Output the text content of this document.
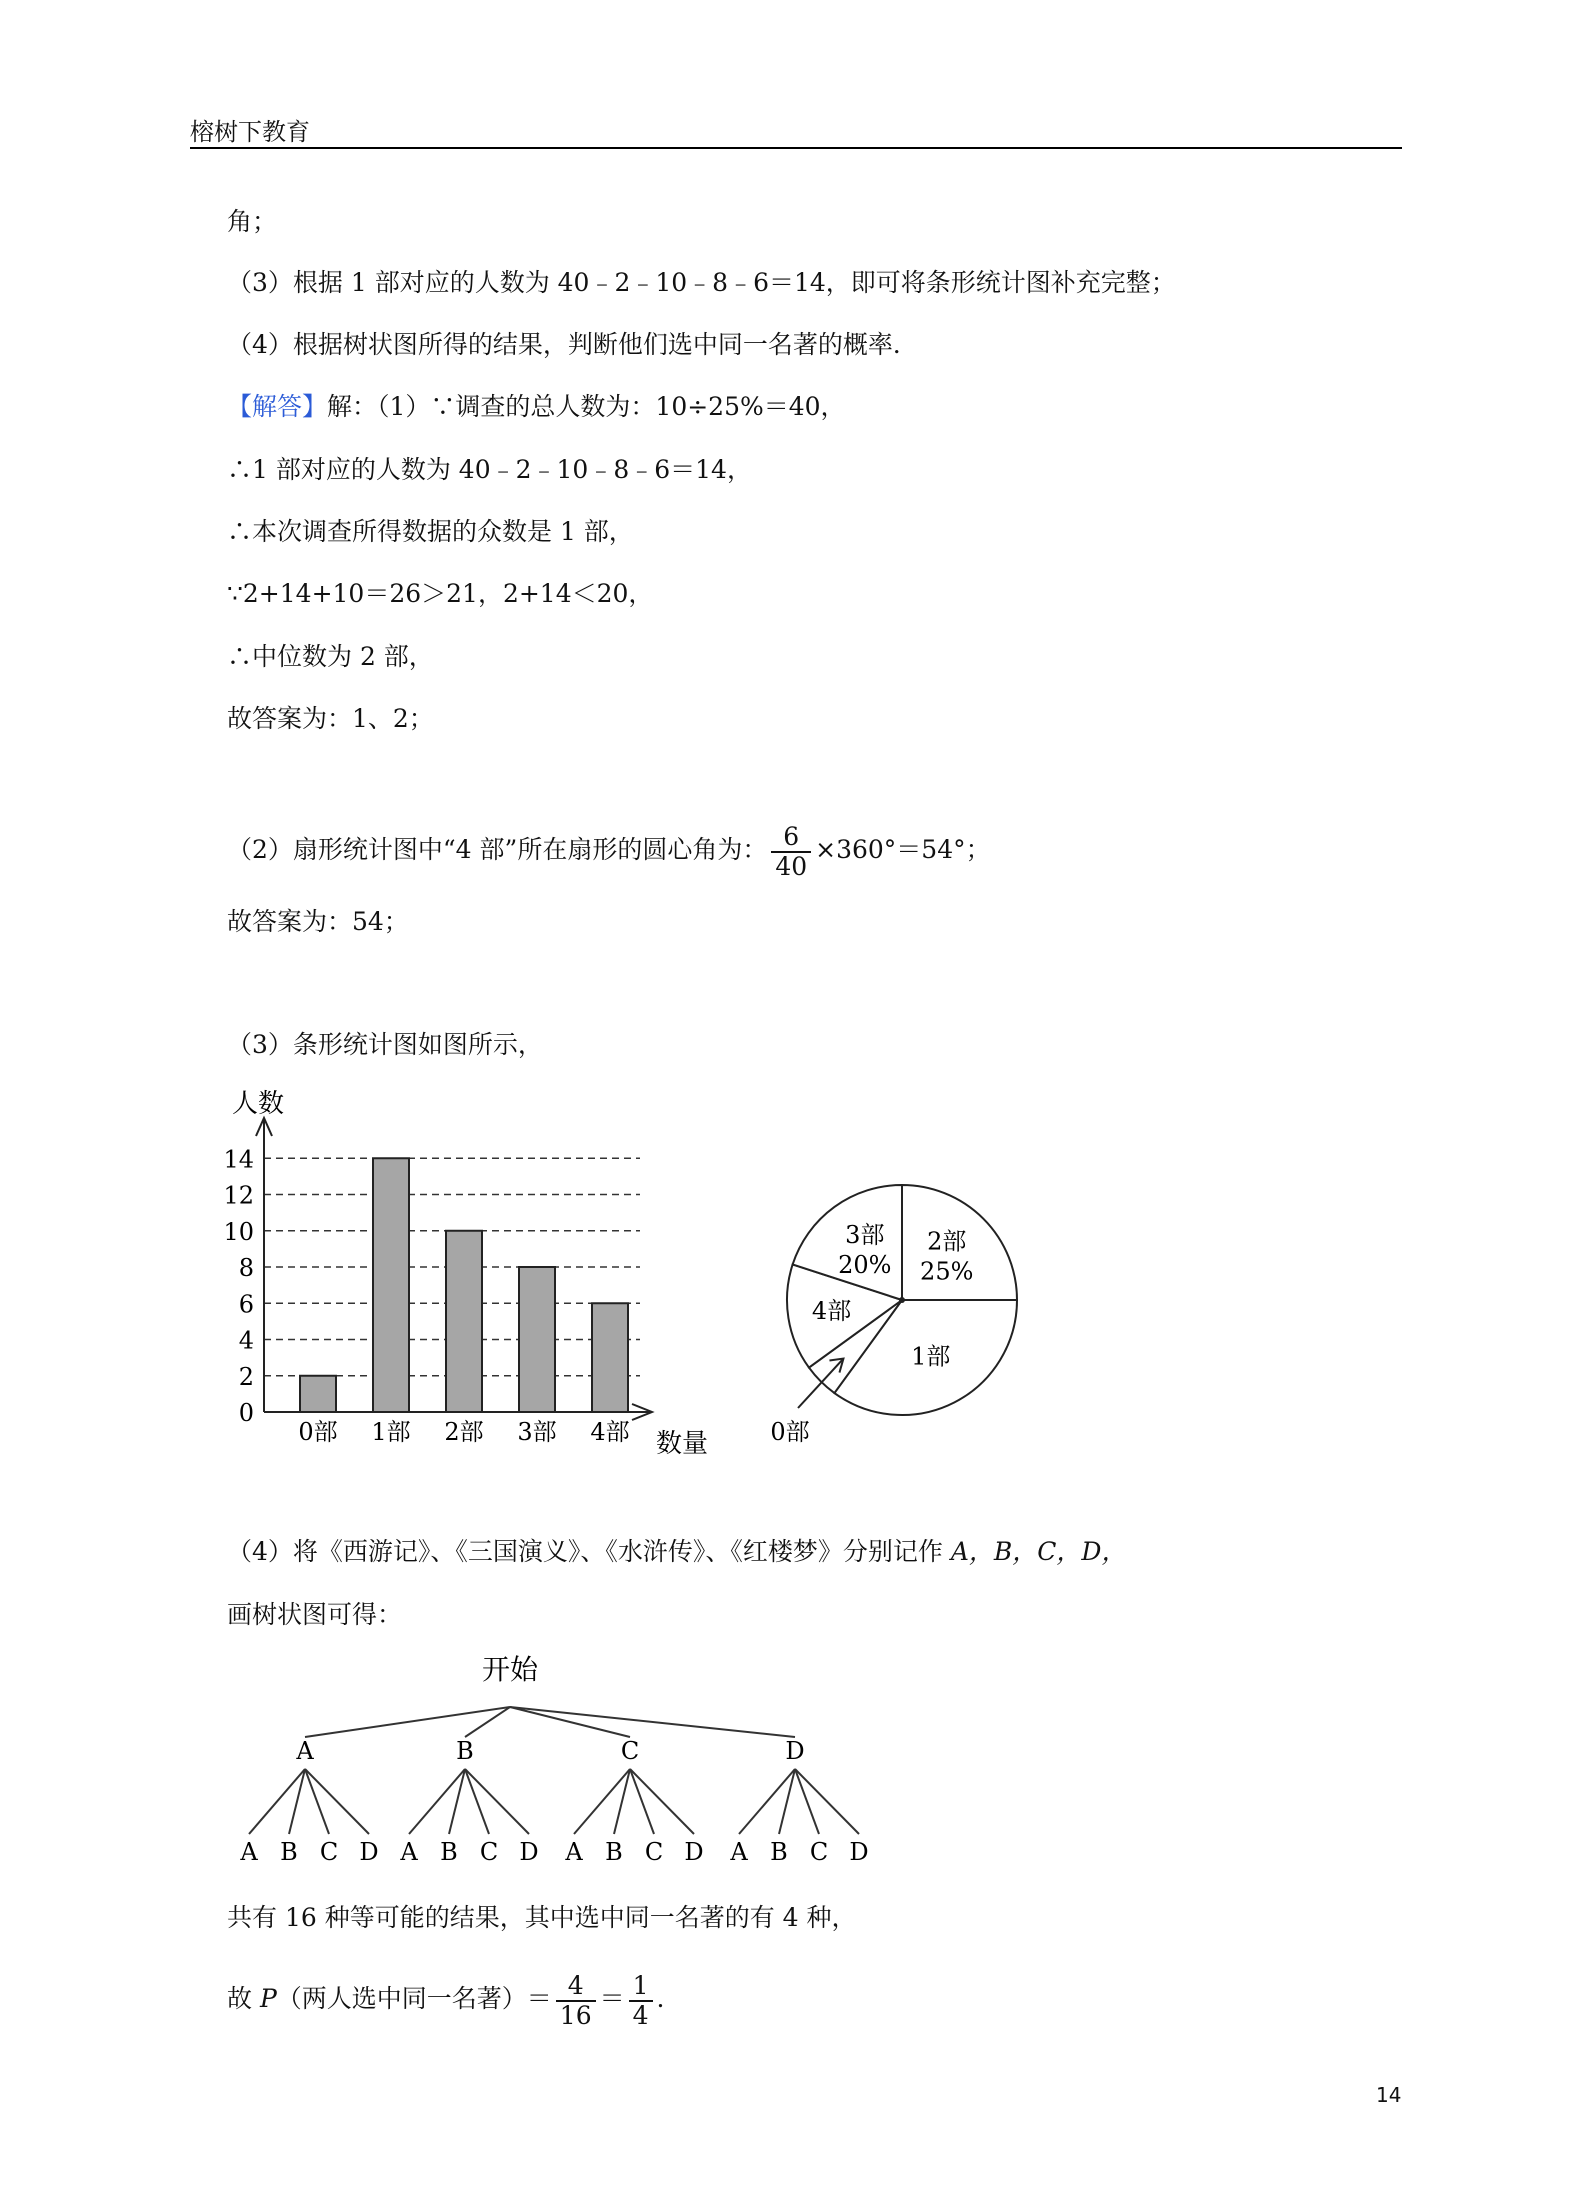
榕树下教育
角；
（3）根据 1 部对应的人数为 40﹣2﹣10﹣8﹣6＝14，即可将条形统计图补充完整；
（4）根据树状图所得的结果，判断他们选中同一名著的概率．
【解答】解：（1）∵调查的总人数为：10÷25%＝40，
∴1 部对应的人数为 40﹣2﹣10﹣8﹣6＝14，
∴本次调查所得数据的众数是 1 部，
∵2+14+10＝26＞21，2+14＜20，
∴中位数为 2 部，
故答案为：1、2；
（2）扇形统计图中“4 部”所在扇形的圆心角为： $\frac{6}{40} \times 360^\circ=54^\circ$；
故答案为：54；
（3）条形统计图如图所示，
0
2
4
6
8
10
12
14
0部 1部 2部 3部 4部
人数
数量
2部
25%
1部
0部
4部
3部
20%
（4）将《西游记》、《三国演义》、《水浒传》、《红楼梦》分别记作 A，B，C，D，
画树状图可得：
开始
A
A B C D
B
A B C D
C
A B C D
D
A B C D
共有 16 种等可能的结果，其中选中同一名著的有 4 种，
故 P（两人选中同一名著）＝ $\frac{4}{16} = \frac{1}{4}$ .
14
